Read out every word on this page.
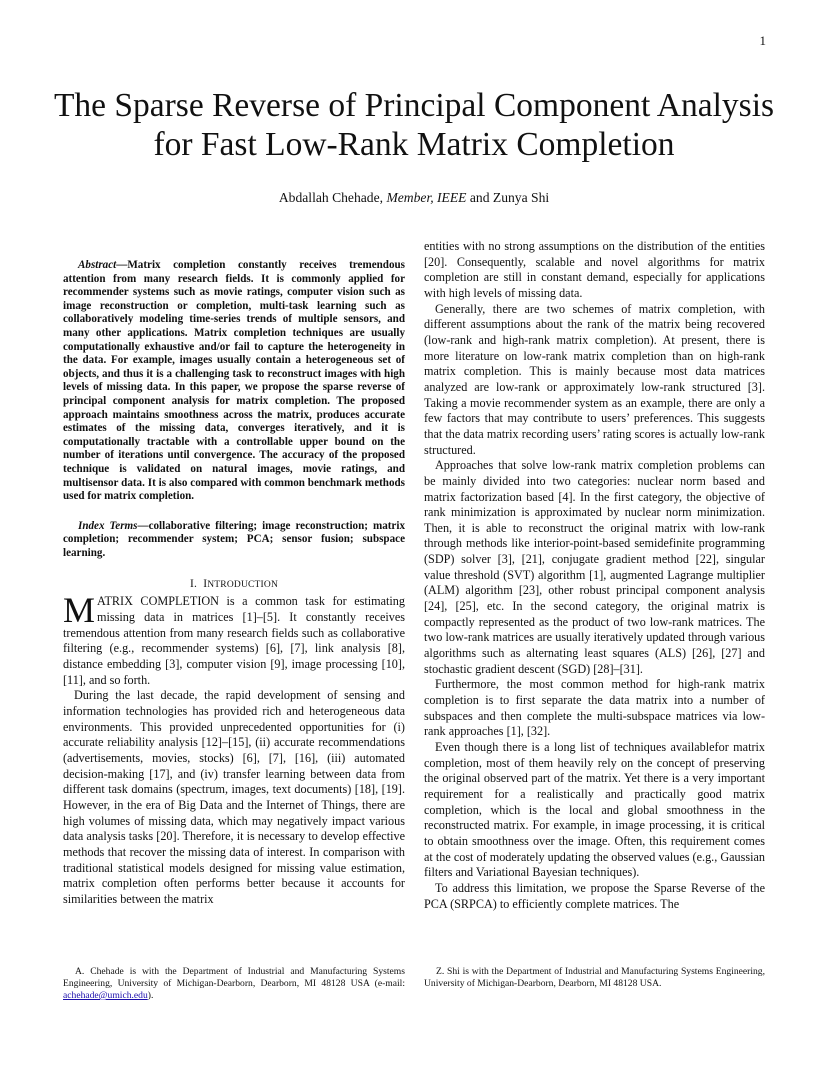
1
The Sparse Reverse of Principal Component Analysis for Fast Low-Rank Matrix Completion
Abdallah Chehade, Member, IEEE and Zunya Shi

Abstract—Matrix completion constantly receives tremendous attention from many research fields. It is commonly applied for recommender systems such as movie ratings, computer vision such as image reconstruction or completion, multi-task learning such as collaboratively modeling time-series trends of multiple sensors, and many other applications. Matrix completion techniques are usually computationally exhaustive and/or fail to capture the heterogeneity in the data. For example, images usually contain a heterogeneous set of objects, and thus it is a challenging task to reconstruct images with high levels of missing data. In this paper, we propose the sparse reverse of principal component analysis for matrix completion. The proposed approach maintains smoothness across the matrix, produces accurate estimates of the missing data, converges iteratively, and it is computationally tractable with a controllable upper bound on the number of iterations until convergence. The accuracy of the proposed technique is validated on natural images, movie ratings, and multisensor data. It is also compared with common benchmark methods used for matrix completion.

Index Terms—collaborative filtering; image reconstruction; matrix completion; recommender system; PCA; sensor fusion; subspace learning.

I. INTRODUCTION

MATRIX COMPLETION is a common task for estimating missing data in matrices [1]–[5]. It constantly receives tremendous attention from many research fields such as collaborative filtering (e.g., recommender systems) [6], [7], link analysis [8], distance embedding [3], computer vision [9], image processing [10], [11], and so forth.

During the last decade, the rapid development of sensing and information technologies has provided rich and heterogeneous data environments. This provided unprecedented opportunities for (i) accurate reliability analysis [12]–[15], (ii) accurate recommendations (advertisements, movies, stocks) [6], [7], [16], (iii) automated decision-making [17], and (iv) transfer learning between data from different task domains (spectrum, images, text documents) [18], [19]. However, in the era of Big Data and the Internet of Things, there are high volumes of missing data, which may negatively impact various data analysis tasks [20]. Therefore, it is necessary to develop effective methods that recover the missing data of interest. In comparison with traditional statistical models designed for missing value estimation, matrix completion often performs better because it accounts for similarities between the matrix

entities with no strong assumptions on the distribution of the entities [20]. Consequently, scalable and novel algorithms for matrix completion are still in constant demand, especially for applications with high levels of missing data.

Generally, there are two schemes of matrix completion, with different assumptions about the rank of the matrix being recovered (low-rank and high-rank matrix completion). At present, there is more literature on low-rank matrix completion than on high-rank matrix completion. This is mainly because most data matrices analyzed are low-rank or approximately low-rank structured [3]. Taking a movie recommender system as an example, there are only a few factors that may contribute to users’ preferences. This suggests that the data matrix recording users’ rating scores is actually low-rank structured.

Approaches that solve low-rank matrix completion problems can be mainly divided into two categories: nuclear norm based and matrix factorization based [4]. In the first category, the objective of rank minimization is approximated by nuclear norm minimization. Then, it is able to reconstruct the original matrix with low-rank through methods like interior-point-based semidefinite programming (SDP) solver [3], [21], conjugate gradient method [22], singular value threshold (SVT) algorithm [1], augmented Lagrange multiplier (ALM) algorithm [23], other robust principal component analysis [24], [25], etc. In the second category, the original matrix is compactly represented as the product of two low-rank matrices. The two low-rank matrices are usually iteratively updated through various algorithms such as alternating least squares (ALS) [26], [27] and stochastic gradient descent (SGD) [28]–[31].

Furthermore, the most common method for high-rank matrix completion is to first separate the data matrix into a number of subspaces and then complete the multi-subspace matrices via low-rank approaches [1], [32].

Even though there is a long list of techniques availablefor matrix completion, most of them heavily rely on the concept of preserving the original observed part of the matrix. Yet there is a very important requirement for a realistically and practically good matrix completion, which is the local and global smoothness in the reconstructed matrix. For example, in image processing, it is critical to obtain smoothness over the image. Often, this requirement comes at the cost of moderately updating the observed values (e.g., Gaussian filters and Variational Bayesian techniques).

To address this limitation, we propose the Sparse Reverse of the PCA (SRPCA) to efficiently complete matrices. The

A. Chehade is with the Department of Industrial and Manufacturing Systems Engineering, University of Michigan-Dearborn, Dearborn, MI 48128 USA (e-mail: achehade@umich.edu).
Z. Shi is with the Department of Industrial and Manufacturing Systems Engineering, University of Michigan-Dearborn, Dearborn, MI 48128 USA.
